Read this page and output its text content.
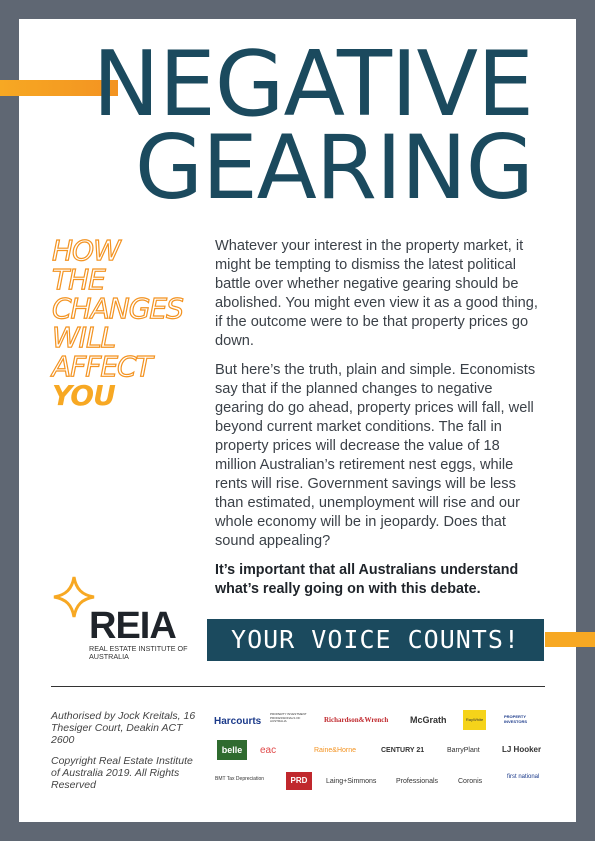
NEGATIVE
GEARING
HOW
THE
CHANGES
WILL
AFFECT
YOU

Whatever your interest in the property market, it might be tempting to dismiss the latest political battle over whether negative gearing should be abolished. You might even view it as a good thing, if the outcome were to be that property prices go down.

But here’s the truth, plain and simple. Economists say that if the planned changes to negative gearing do go ahead, property prices will fall, well beyond current market conditions. The fall in property prices will decrease the value of 18 million Australian’s retirement nest eggs, while rents will rise. Government savings will be less than estimated, unemployment will rise and our whole economy will be in jeopardy. Does that sound appealing?

It’s important that all Australians understand what’s really going on with this debate.

REIA
REAL ESTATE INSTITUTE OF AUSTRALIA
YOUR VOICE COUNTS!

Authorised by Jock Kreitals, 16 Thesiger Court, Deakin ACT 2600

Copyright Real Estate Institute of Australia 2019. All Rights Reserved

Harcourts
PROPERTY INVESTMENT PROFESSIONALS OF AUSTRALIA	Richardson&Wrench McGrath	RayWhite
PROPERTY INVESTORS
belle	eac	Raine&Horne	CENTURY 21	BarryPlant	LJ Hooker
BMT Tax Depreciation	PRD	Laing+Simmons	Professionals	Coronis
first national
